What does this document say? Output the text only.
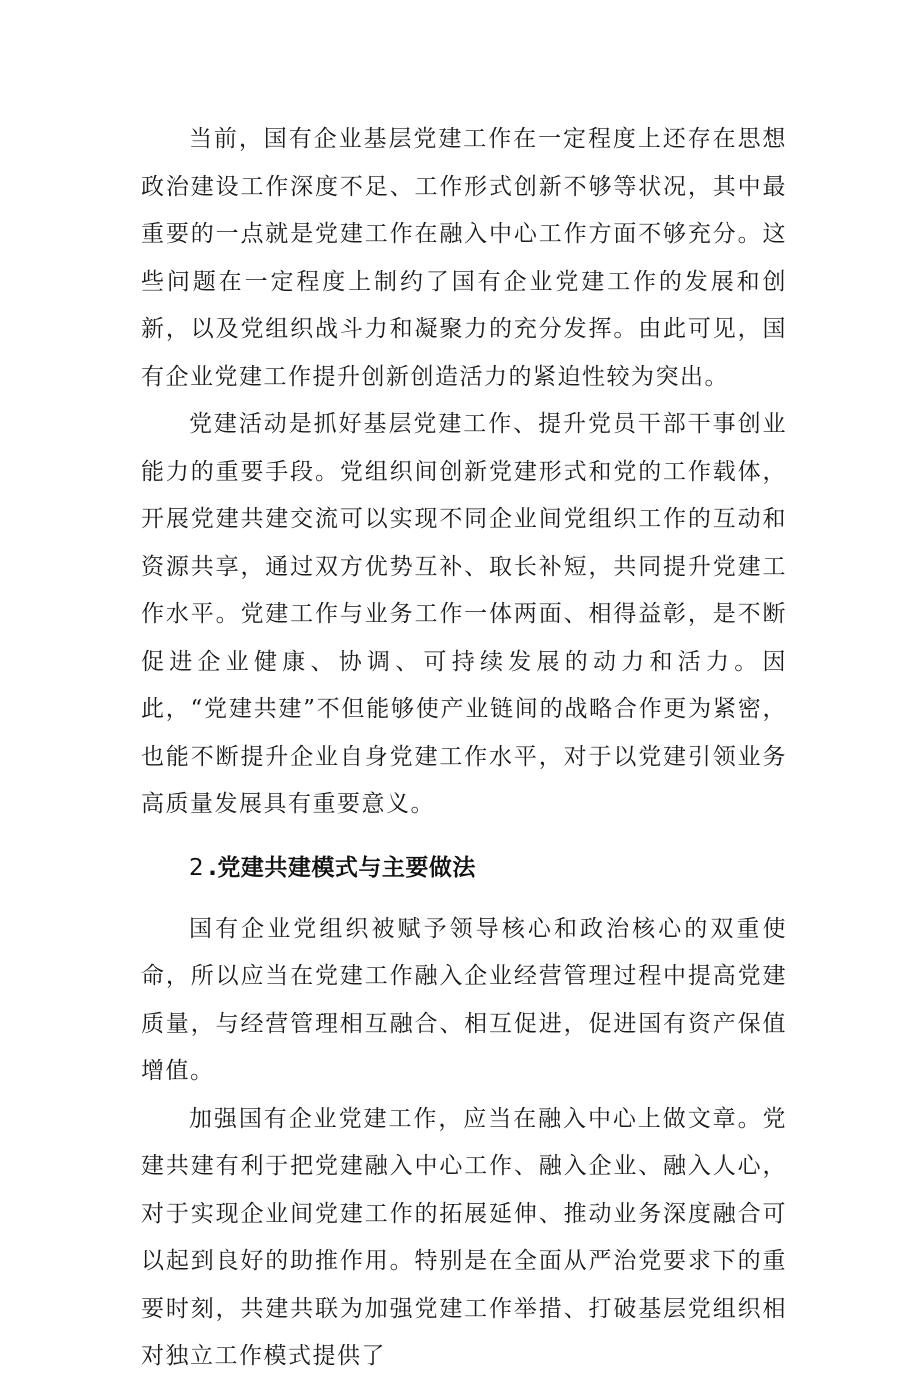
当前，国有企业基层党建工作在一定程度上还存在思想政治建设工作深度不足、工作形式创新不够等状况，其中最重要的一点就是党建工作在融入中心工作方面不够充分。这些问题在一定程度上制约了国有企业党建工作的发展和创新，以及党组织战斗力和凝聚力的充分发挥。由此可见，国有企业党建工作提升创新创造活力的紧迫性较为突出。

党建活动是抓好基层党建工作、提升党员干部干事创业能力的重要手段。党组织间创新党建形式和党的工作载体，开展党建共建交流可以实现不同企业间党组织工作的互动和资源共享，通过双方优势互补、取长补短，共同提升党建工作水平。党建工作与业务工作一体两面、相得益彰，是不断促进企业健康、协调、可持续发展的动力和活力。因此，“党建共建”不但能够使产业链间的战略合作更为紧密，也能不断提升企业自身党建工作水平，对于以党建引领业务高质量发展具有重要意义。

2 .党建共建模式与主要做法

国有企业党组织被赋予领导核心和政治核心的双重使命，所以应当在党建工作融入企业经营管理过程中提高党建质量，与经营管理相互融合、相互促进，促进国有资产保值增值。

加强国有企业党建工作，应当在融入中心上做文章。党建共建有利于把党建融入中心工作、融入企业、融入人心，对于实现企业间党建工作的拓展延伸、推动业务深度融合可以起到良好的助推作用。特别是在全面从严治党要求下的重要时刻，共建共联为加强党建工作举措、打破基层党组织相对独立工作模式提供了
